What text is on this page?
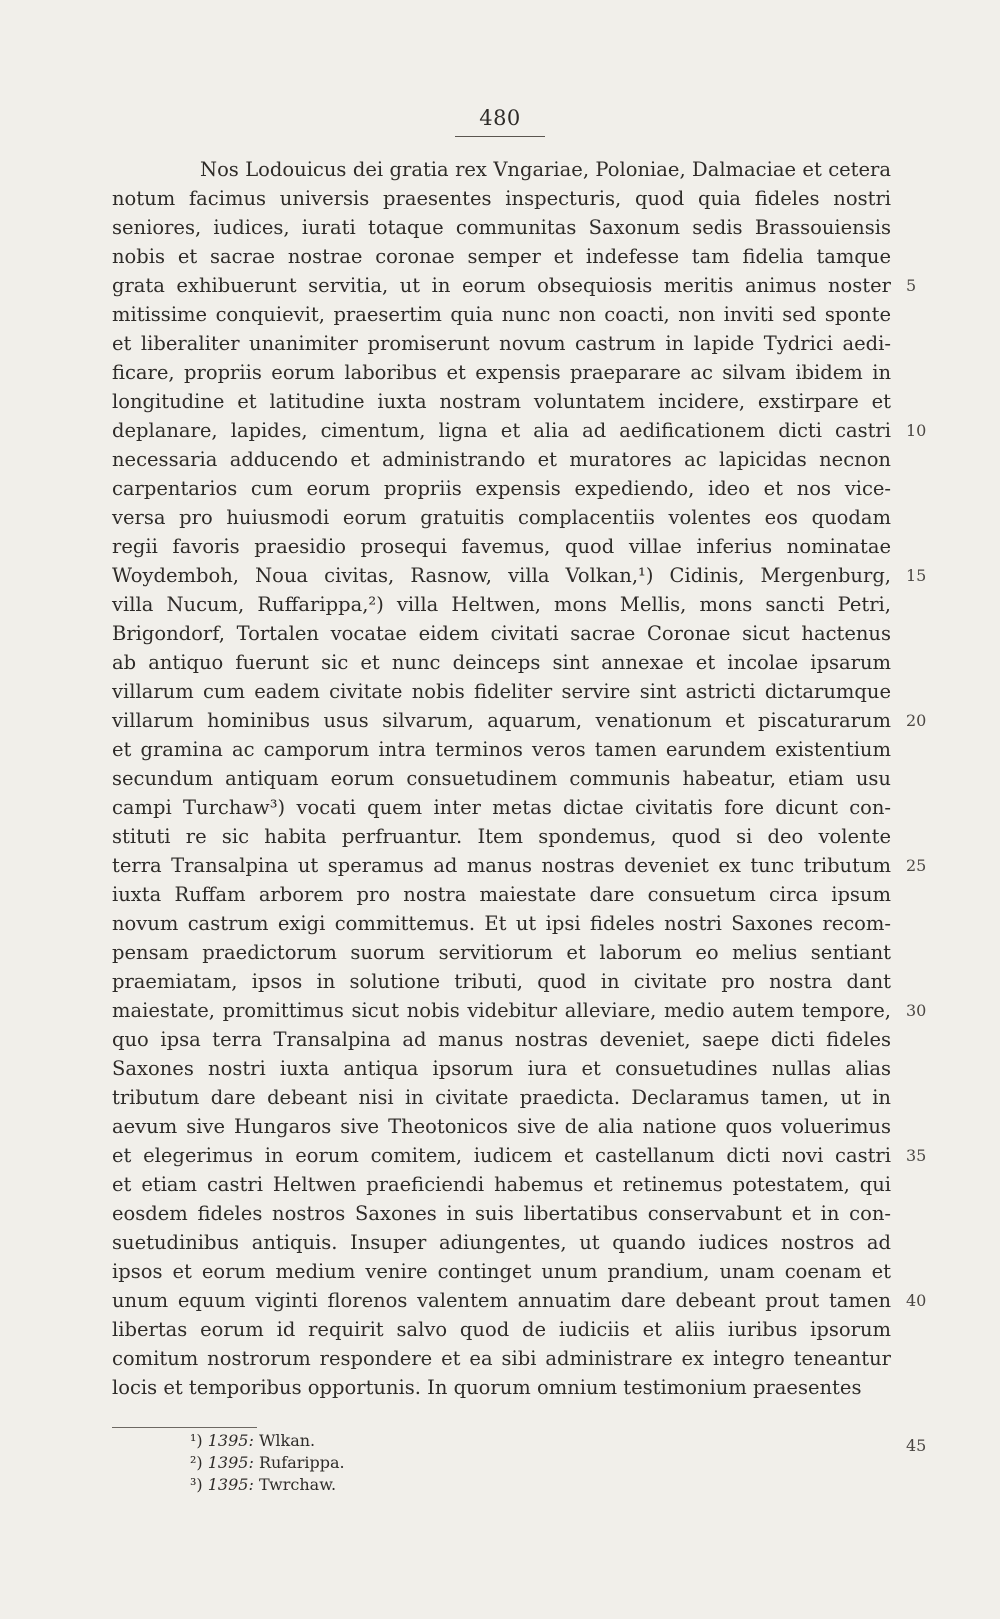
480
Nos Lodouicus dei gratia rex Vngariae, Poloniae, Dalmaciae et cetera
notum facimus universis praesentes inspecturis, quod quia fideles nostri
seniores, iudices, iurati totaque communitas Saxonum sedis Brassouiensis
nobis et sacrae nostrae coronae semper et indefesse tam fidelia tamque
grata exhibuerunt servitia, ut in eorum obsequiosis meritis animus noster
mitissime conquievit, praesertim quia nunc non coacti, non inviti sed sponte
et liberaliter unanimiter promiserunt novum castrum in lapide Tydrici aedi-
ficare, propriis eorum laboribus et expensis praeparare ac silvam ibidem in
longitudine et latitudine iuxta nostram voluntatem incidere, exstirpare et
deplanare, lapides, cimentum, ligna et alia ad aedificationem dicti castri
necessaria adducendo et administrando et muratores ac lapicidas necnon
carpentarios cum eorum propriis expensis expediendo, ideo et nos vice-
versa pro huiusmodi eorum gratuitis complacentiis volentes eos quodam
regii favoris praesidio prosequi favemus, quod villae inferius nominatae
Woydemboh, Noua civitas, Rasnow, villa Volkan,¹) Cidinis, Mergenburg,
villa Nucum, Ruffarippa,²) villa Heltwen, mons Mellis, mons sancti Petri,
Brigondorf, Tortalen vocatae eidem civitati sacrae Coronae sicut hactenus
ab antiquo fuerunt sic et nunc deinceps sint annexae et incolae ipsarum
villarum cum eadem civitate nobis fideliter servire sint astricti dictarumque
villarum hominibus usus silvarum, aquarum, venationum et piscaturarum
et gramina ac camporum intra terminos veros tamen earundem existentium
secundum antiquam eorum consuetudinem communis habeatur, etiam usu
campi Turchaw³) vocati quem inter metas dictae civitatis fore dicunt con-
stituti re sic habita perfruantur. Item spondemus, quod si deo volente
terra Transalpina ut speramus ad manus nostras deveniet ex tunc tributum
iuxta Ruffam arborem pro nostra maiestate dare consuetum circa ipsum
novum castrum exigi committemus. Et ut ipsi fideles nostri Saxones recom-
pensam praedictorum suorum servitiorum et laborum eo melius sentiant
praemiatam, ipsos in solutione tributi, quod in civitate pro nostra dant
maiestate, promittimus sicut nobis videbitur alleviare, medio autem tempore,
quo ipsa terra Transalpina ad manus nostras deveniet, saepe dicti fideles
Saxones nostri iuxta antiqua ipsorum iura et consuetudines nullas alias
tributum dare debeant nisi in civitate praedicta. Declaramus tamen, ut in
aevum sive Hungaros sive Theotonicos sive de alia natione quos voluerimus
et elegerimus in eorum comitem, iudicem et castellanum dicti novi castri
et etiam castri Heltwen praeficiendi habemus et retinemus potestatem, qui
eosdem fideles nostros Saxones in suis libertatibus conservabunt et in con-
suetudinibus antiquis. Insuper adiungentes, ut quando iudices nostros ad
ipsos et eorum medium venire continget unum prandium, unam coenam et
unum equum viginti florenos valentem annuatim dare debeant prout tamen
libertas eorum id requirit salvo quod de iudiciis et aliis iuribus ipsorum
comitum nostrorum respondere et ea sibi administrare ex integro teneantur
locis et temporibus opportunis. In quorum omnium testimonium praesentes
5
10
15
20
25
30
35
40
45
¹) 1395: Wlkan.
²) 1395: Rufarippa.
³) 1395: Twrchaw.
